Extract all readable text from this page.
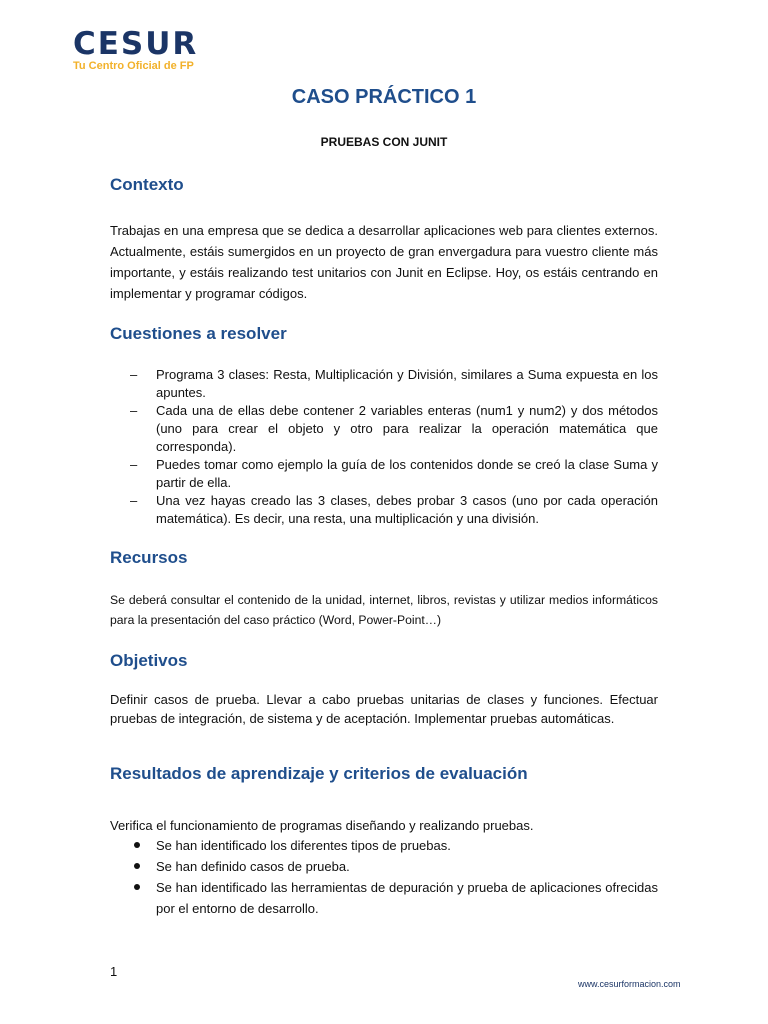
CESUR
Tu Centro Oficial de FP
CASO PRÁCTICO 1
PRUEBAS CON JUNIT
Contexto
Trabajas en una empresa que se dedica a desarrollar aplicaciones web para clientes externos. Actualmente, estáis sumergidos en un proyecto de gran envergadura para vuestro cliente más importante, y estáis realizando test unitarios con Junit en Eclipse. Hoy, os estáis centrando en implementar y programar códigos.
Cuestiones a resolver
– Programa 3 clases: Resta, Multiplicación y División, similares a Suma expuesta en los apuntes.
– Cada una de ellas debe contener 2 variables enteras (num1 y num2) y dos métodos (uno para crear el objeto y otro para realizar la operación matemática que corresponda).
– Puedes tomar como ejemplo la guía de los contenidos donde se creó la clase Suma y partir de ella.
– Una vez hayas creado las 3 clases, debes probar 3 casos (uno por cada operación matemática). Es decir, una resta, una multiplicación y una división.
Recursos
Se deberá consultar el contenido de la unidad, internet, libros, revistas y utilizar medios informáticos para la presentación del caso práctico (Word, Power-Point…)
Objetivos
Definir casos de prueba. Llevar a cabo pruebas unitarias de clases y funciones. Efectuar pruebas de integración, de sistema y de aceptación. Implementar pruebas automáticas.
Resultados de aprendizaje y criterios de evaluación
Verifica el funcionamiento de programas diseñando y realizando pruebas.
Se han identificado los diferentes tipos de pruebas.
Se han definido casos de prueba.
Se han identificado las herramientas de depuración y prueba de aplicaciones ofrecidas por el entorno de desarrollo.
1
www.cesurformacion.com
